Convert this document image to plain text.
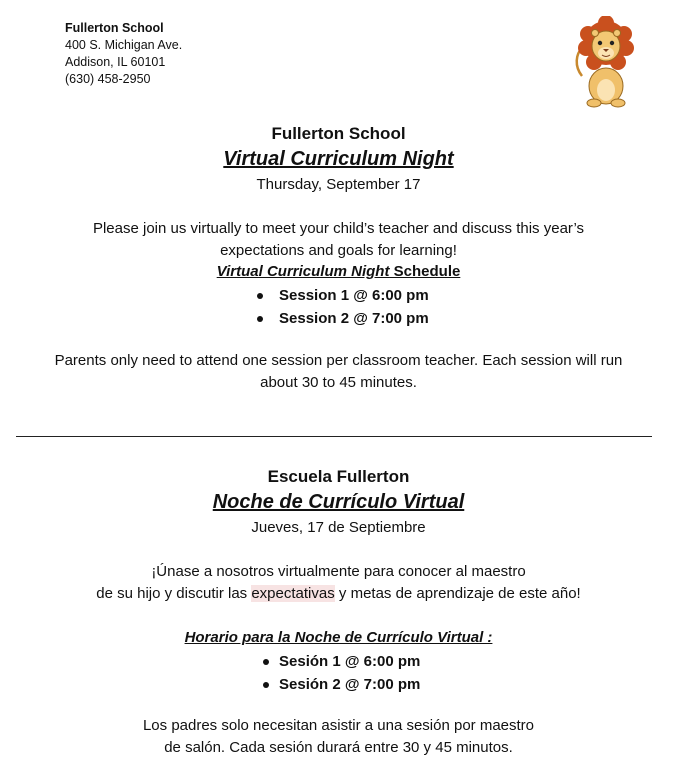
Fullerton School
400 S. Michigan Ave.
Addison, IL 60101
(630) 458-2950
Fullerton School
Virtual Curriculum Night
Thursday, September 17
Please join us virtually to meet your child’s teacher and discuss this year’s
expectations and goals for learning!
Virtual Curriculum Night Schedule
Session 1 @ 6:00 pm
Session 2 @ 7:00 pm
Parents only need to attend one session per classroom teacher. Each session will run
about 30 to 45 minutes.
Escuela Fullerton
Noche de Currículo Virtual
Jueves, 17 de Septiembre
¡Únase a nosotros virtualmente para conocer al maestro
de su hijo y discutir las expectativas y metas de aprendizaje de este año!
Horario para la Noche de Currículo Virtual :
Sesión 1 @ 6:00 pm
Sesión 2 @ 7:00 pm
Los padres solo necesitan asistir a una sesión por maestro
de salón. Cada sesión durará entre 30 y 45 minutos.
